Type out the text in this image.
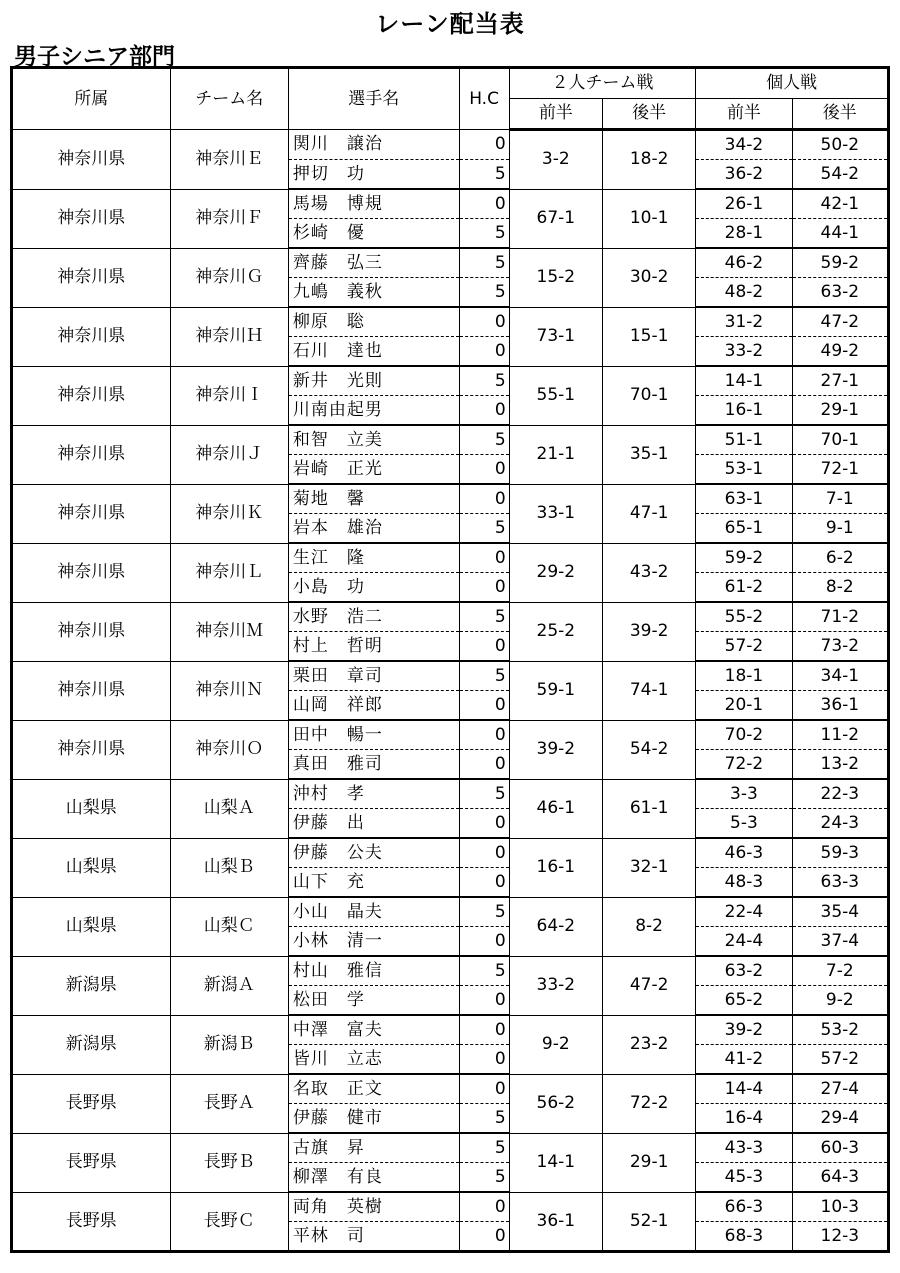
レーン配当表
男子シニア部門
所属	チーム名	選手名	H.C	２人チーム戦		個人戦	
				前半	後半	前半	後半
神奈川県	神奈川Ｅ	関川　譲治	0	3-2	18-2	34-2	50-2
		押切　功	5			36-2	54-2
神奈川県	神奈川Ｆ	馬場　博規	0	67-1	10-1	26-1	42-1
		杉崎　優	5			28-1	44-1
神奈川県	神奈川Ｇ	齊藤　弘三	5	15-2	30-2	46-2	59-2
		九嶋　義秋	5			48-2	63-2
神奈川県	神奈川Ｈ	柳原　聡	0	73-1	15-1	31-2	47-2
		石川　達也	0			33-2	49-2
神奈川県	神奈川Ｉ	新井　光則	5	55-1	70-1	14-1	27-1
		川南由起男	0			16-1	29-1
神奈川県	神奈川Ｊ	和智　立美	5	21-1	35-1	51-1	70-1
		岩崎　正光	0			53-1	72-1
神奈川県	神奈川Ｋ	菊地　馨	0	33-1	47-1	63-1	7-1
		岩本　雄治	5			65-1	9-1
神奈川県	神奈川Ｌ	生江　隆	0	29-2	43-2	59-2	6-2
		小島　功	0			61-2	8-2
神奈川県	神奈川Ｍ	水野　浩二	5	25-2	39-2	55-2	71-2
		村上　哲明	0			57-2	73-2
神奈川県	神奈川Ｎ	栗田　章司	5	59-1	74-1	18-1	34-1
		山岡　祥郎	0			20-1	36-1
神奈川県	神奈川Ｏ	田中　暢一	0	39-2	54-2	70-2	11-2
		真田　雅司	0			72-2	13-2
山梨県	山梨Ａ	沖村　孝	5	46-1	61-1	3-3	22-3
		伊藤　出	0			5-3	24-3
山梨県	山梨Ｂ	伊藤　公夫	0	16-1	32-1	46-3	59-3
		山下　充	0			48-3	63-3
山梨県	山梨Ｃ	小山　晶夫	5	64-2	8-2	22-4	35-4
		小林　清一	0			24-4	37-4
新潟県	新潟Ａ	村山　雅信	5	33-2	47-2	63-2	7-2
		松田　学	0			65-2	9-2
新潟県	新潟Ｂ	中澤　富夫	0	9-2	23-2	39-2	53-2
		皆川　立志	0			41-2	57-2
長野県	長野Ａ	名取　正文	0	56-2	72-2	14-4	27-4
		伊藤　健市	5			16-4	29-4
長野県	長野Ｂ	古旗　昇	5	14-1	29-1	43-3	60-3
		柳澤　有良	5			45-3	64-3
長野県	長野Ｃ	両角　英樹	0	36-1	52-1	66-3	10-3
		平林　司	0			68-3	12-3
